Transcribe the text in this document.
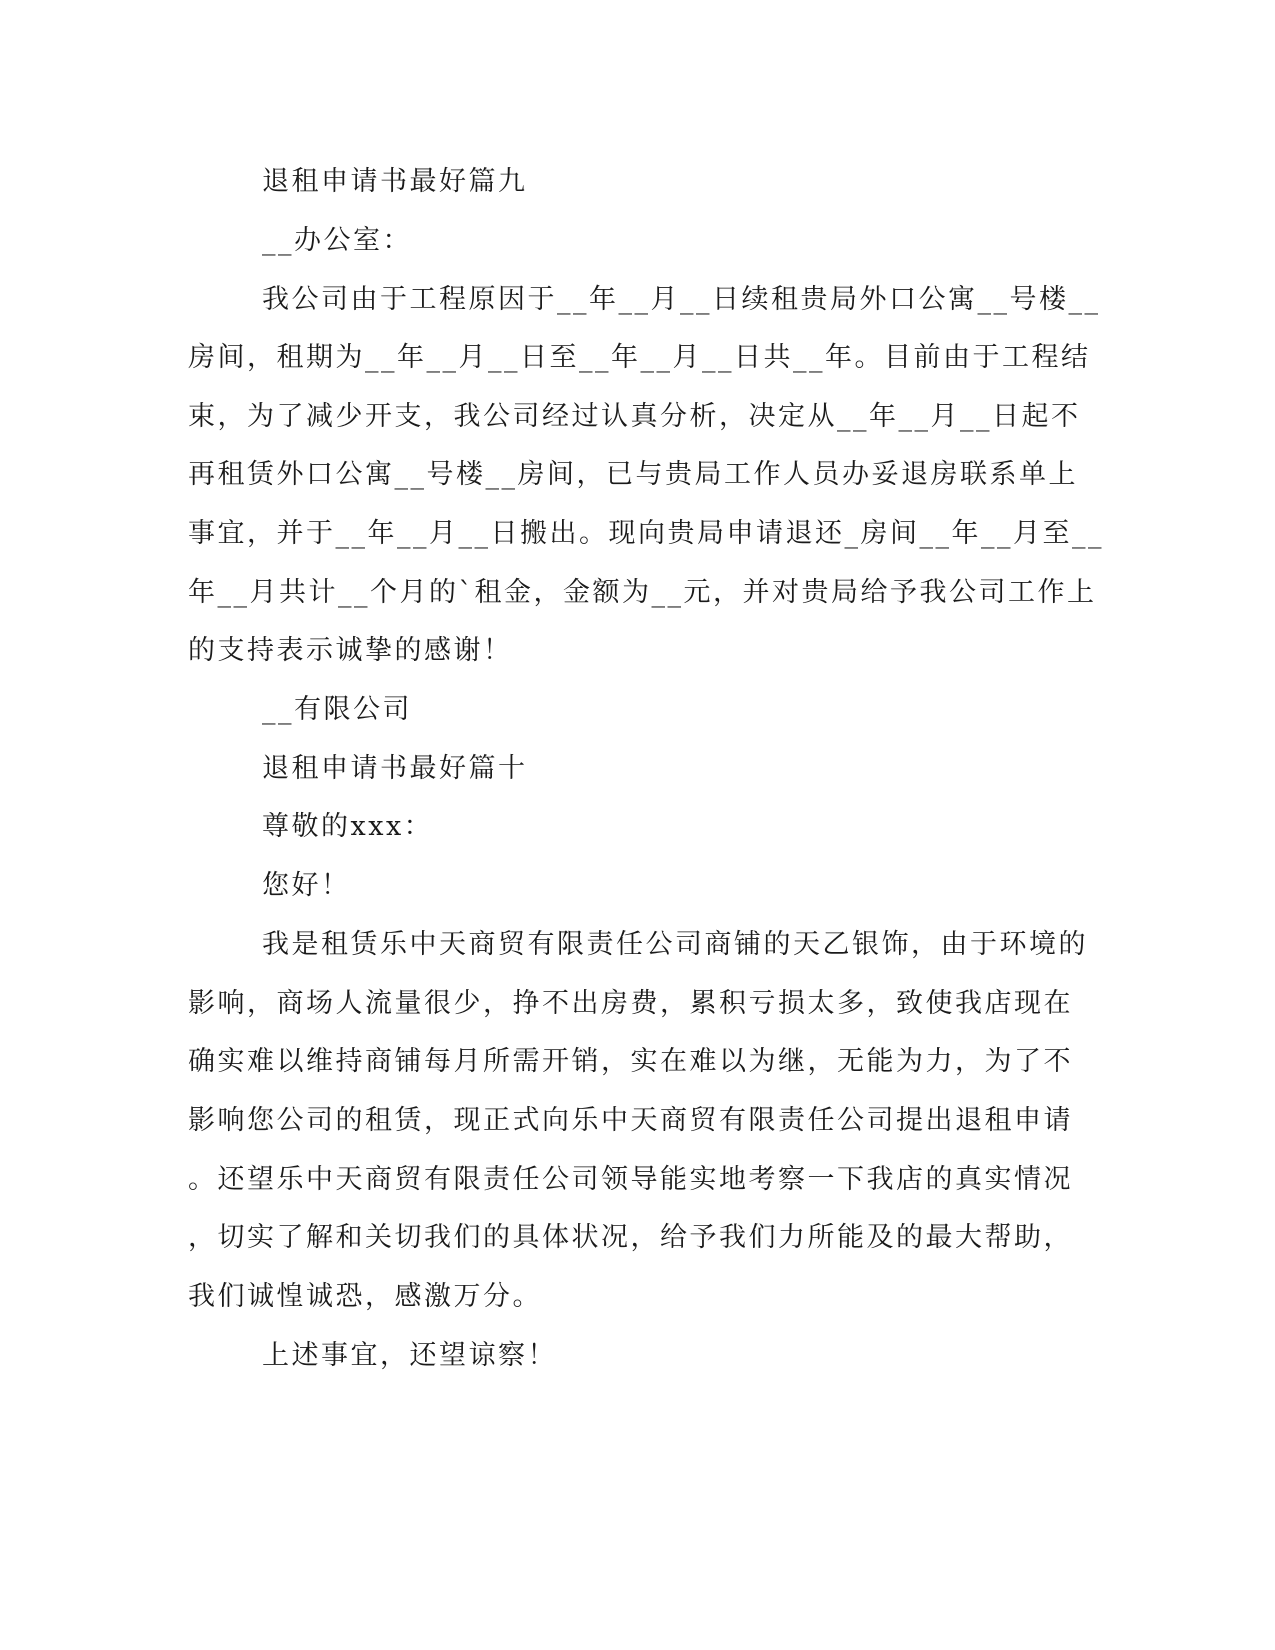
退租申请书最好篇九
__办公室：
我公司由于工程原因于__年__月__日续租贵局外口公寓__号楼__
房间，租期为__年__月__日至__年__月__日共__年。目前由于工程结
束，为了减少开支，我公司经过认真分析，决定从__年__月__日起不
再租赁外口公寓__号楼__房间，已与贵局工作人员办妥退房联系单上
事宜，并于__年__月__日搬出。现向贵局申请退还_房间__年__月至__
年__月共计__个月的`租金，金额为__元，并对贵局给予我公司工作上
的支持表示诚挚的感谢！
__有限公司
退租申请书最好篇十
尊敬的xxx：
您好！
我是租赁乐中天商贸有限责任公司商铺的天乙银饰，由于环境的
影响，商场人流量很少，挣不出房费，累积亏损太多，致使我店现在
确实难以维持商铺每月所需开销，实在难以为继，无能为力，为了不
影响您公司的租赁，现正式向乐中天商贸有限责任公司提出退租申请
。还望乐中天商贸有限责任公司领导能实地考察一下我店的真实情况
，切实了解和关切我们的具体状况，给予我们力所能及的最大帮助，
我们诚惶诚恐，感激万分。
上述事宜，还望谅察！
